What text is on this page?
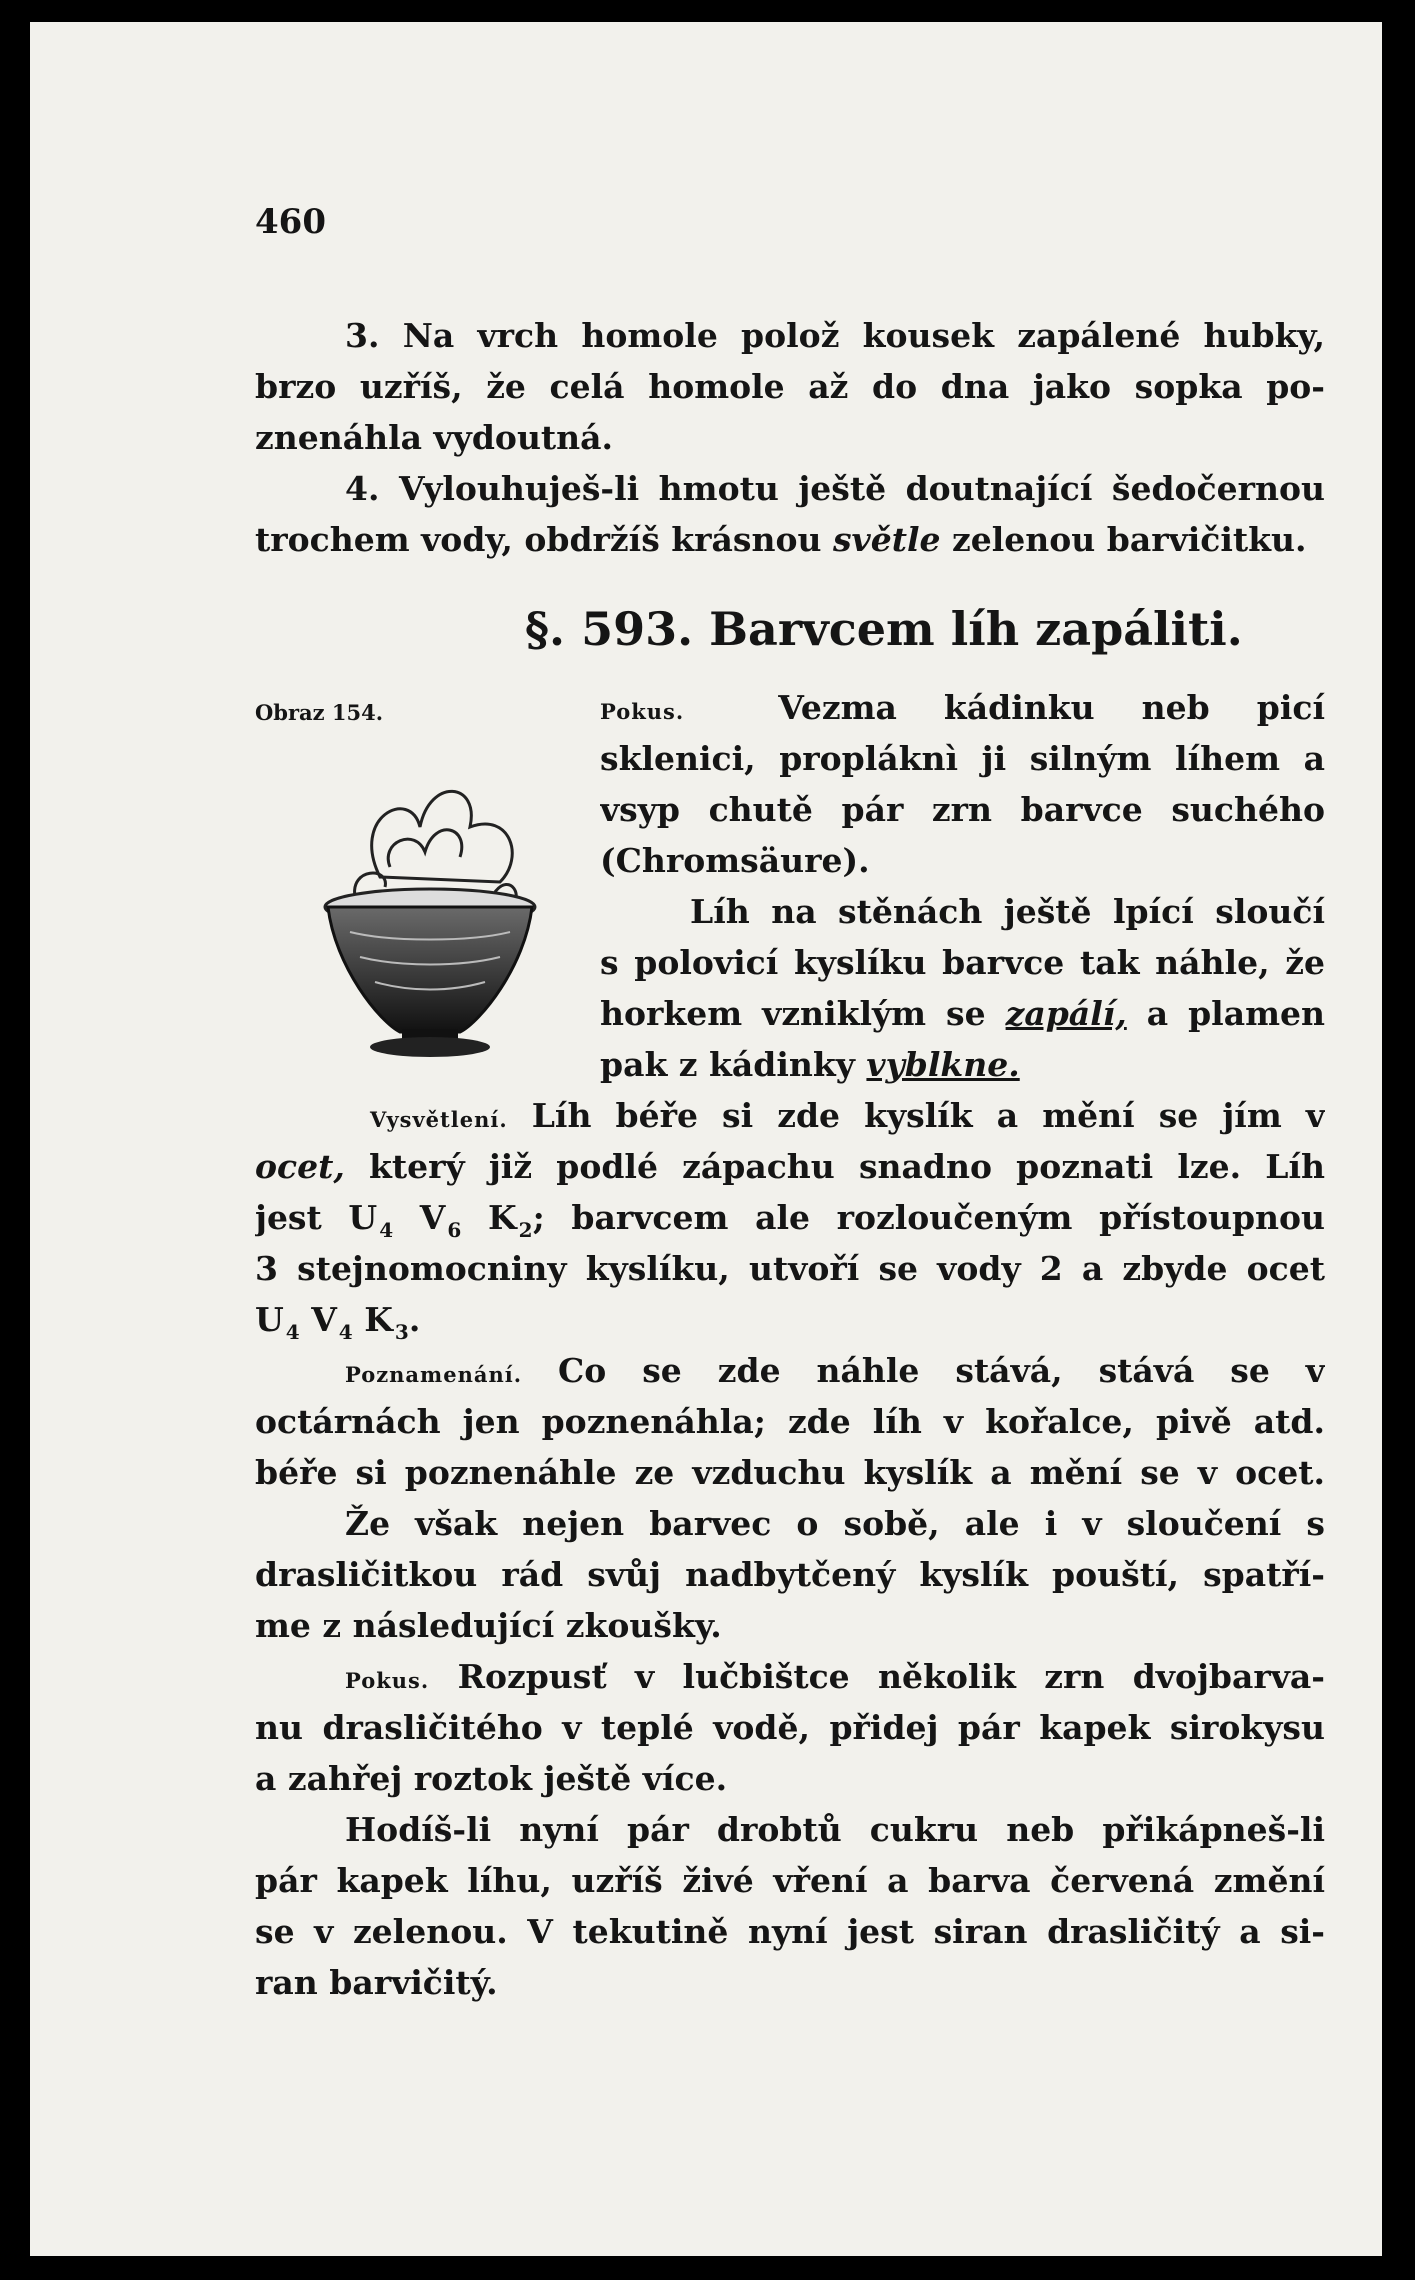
460
3. Na vrch homole polož kousek zapálené hubky,
brzo uzříš, že celá homole až do dna jako sopka po-
znenáhla vydoutná.
4. Vylouhuješ-li hmotu ještě doutnající šedočernou
trochem vody, obdržíš krásnou světle zelenou barvičitku.
§. 593. Barvcem líh zapáliti.
Obraz 154.	Pokus.	Vezma kádinku neb picí
sklenici, propláknì ji silným líhem a
vsyp chutě pár zrn barvce suchého
(Chromsäure).
Líh na stěnách ještě lpící sloučí
s polovicí kyslíku barvce tak náhle, že
horkem vzniklým se zapálí, a plamen
pak z kádinky vyblkne.
Vysvětlení. Líh béře si zde kyslík a mění se jím v
ocet, který již podlé zápachu snadno poznati lze. Líh
jest U $_4$ V $_6$ K $_2$; barvcem ale rozloučeným přístoupnou
3 stejnomocniny kyslíku, utvoří se vody 2 a zbyde ocet
U $_4$ V $_4$ K $_3$.
Poznamenání. Co se zde náhle stává, stává se v
octárnách jen poznenáhla; zde líh v kořalce, pivě atd.
béře si poznenáhle ze vzduchu kyslík a mění se v ocet.
Že však nejen barvec o sobě, ale i v sloučení s
drasličitkou rád svůj nadbytčený kyslík pouští, spatří-
me z následující zkoušky.
Pokus. Rozpusť v lučbištce několik zrn dvojbarva-
nu drasličitého v teplé vodě, přidej pár kapek sirokysu
a zahřej roztok ještě více.
Hodíš-li nyní pár drobtů cukru neb přikápneš-li
pár kapek líhu, uzříš živé vření a barva červená změní
se v zelenou. V tekutině nyní jest siran drasličitý a si-
ran barvičitý.
